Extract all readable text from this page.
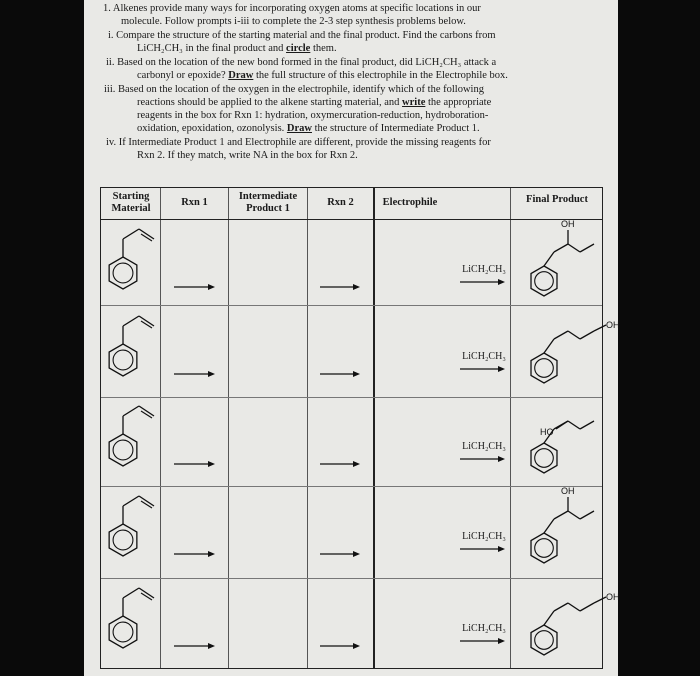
1. Alkenes provide many ways for incorporating oxygen atoms at specific locations in our
molecule. Follow prompts i-iii to complete the 2-3 step synthesis problems below.
i. Compare the structure of the starting material and the final product. Find the carbons from
LiCH₂CH₃ in the final product and circle them.
ii. Based on the location of the new bond formed in the final product, did LiCH₂CH₃ attack a
carbonyl or epoxide? Draw the full structure of this electrophile in the Electrophile box.
iii. Based on the location of the oxygen in the electrophile, identify which of the following
reactions should be applied to the alkene starting material, and write the appropriate
reagents in the box for Rxn 1: hydration, oxymercuration-reduction, hydroboration-
oxidation, epoxidation, ozonolysis. Draw the structure of Intermediate Product 1.
iv. If Intermediate Product 1 and Electrophile are different, provide the missing reagents for
Rxn 2. If they match, write NA in the box for Rxn 2.
Starting Material
Rxn 1
Intermediate Product 1
Rxn 2	Electrophile	Final Product
LiCH₂CH₃
OH
LiCH₂CH₃
OH
LiCH₂CH₃
HO
LiCH₂CH₃
OH
LiCH₂CH₃
OH
